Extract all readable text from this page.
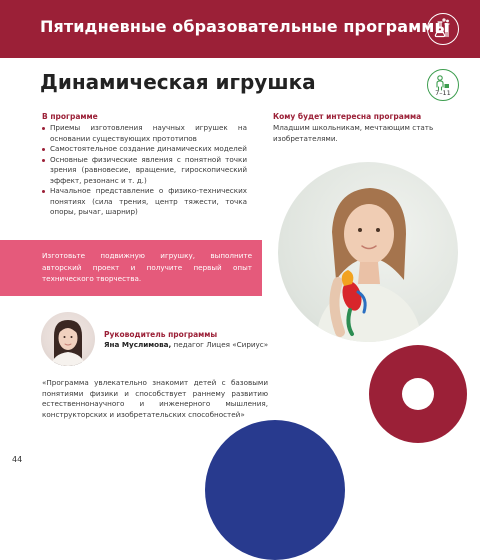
Пятидневные образовательные программы
Динамическая игрушка	7–11
В программе
Приемы изготовления научных игрушек на основании существующих прототипов
Самостоятельное создание динамических моделей
Основные физические явления с понятной точки зрения (равновесие, вращение, гироскопический эффект, резонанс и т. д.)
Начальное представление о физико-технических понятиях (сила трения, центр тяжести, точка опоры, рычаг, шарнир)
Кому будет интересна программа
Младшим школьникам, мечтающим стать изобретателями.
Изготовьте подвижную игрушку, выполните авторский проект и получите первый опыт технического творчества.
Руководитель программы
Яна Муслимова, педагог Лицея «Сириус»
«Программа увлекательно знакомит детей с базовыми понятиями физики и способствует раннему развитию естественнонаучного и инженерного мышления, конструкторских и изобретательских способностей»
44
